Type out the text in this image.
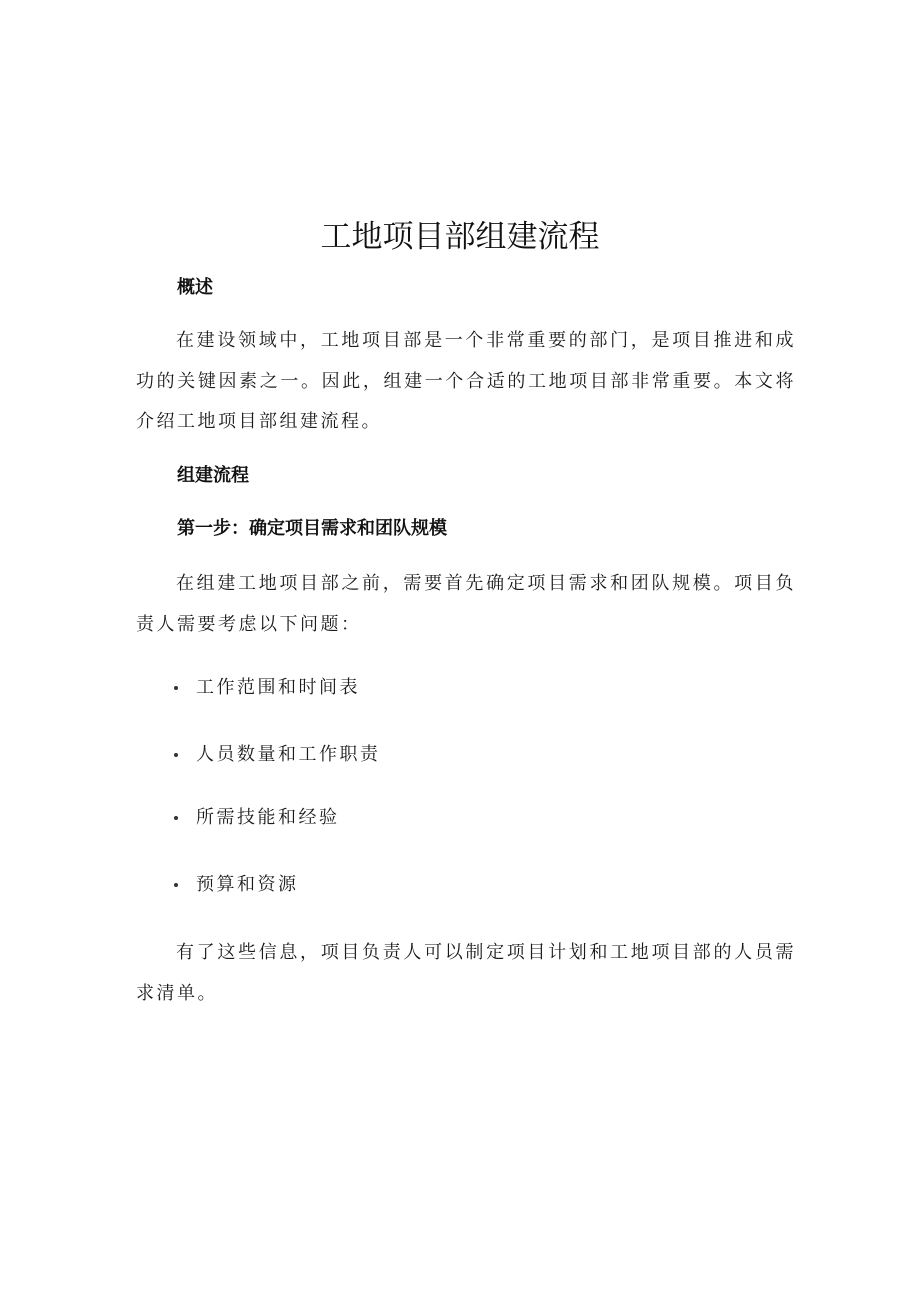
工地项目部组建流程
概述
在建设领域中，工地项目部是一个非常重要的部门，是项目推进和成功的关键因素之一。因此，组建一个合适的工地项目部非常重要。本文将介绍工地项目部组建流程。
组建流程
第一步：确定项目需求和团队规模
在组建工地项目部之前，需要首先确定项目需求和团队规模。项目负责人需要考虑以下问题：
工作范围和时间表
人员数量和工作职责
所需技能和经验
预算和资源
有了这些信息，项目负责人可以制定项目计划和工地项目部的人员需求清单。
